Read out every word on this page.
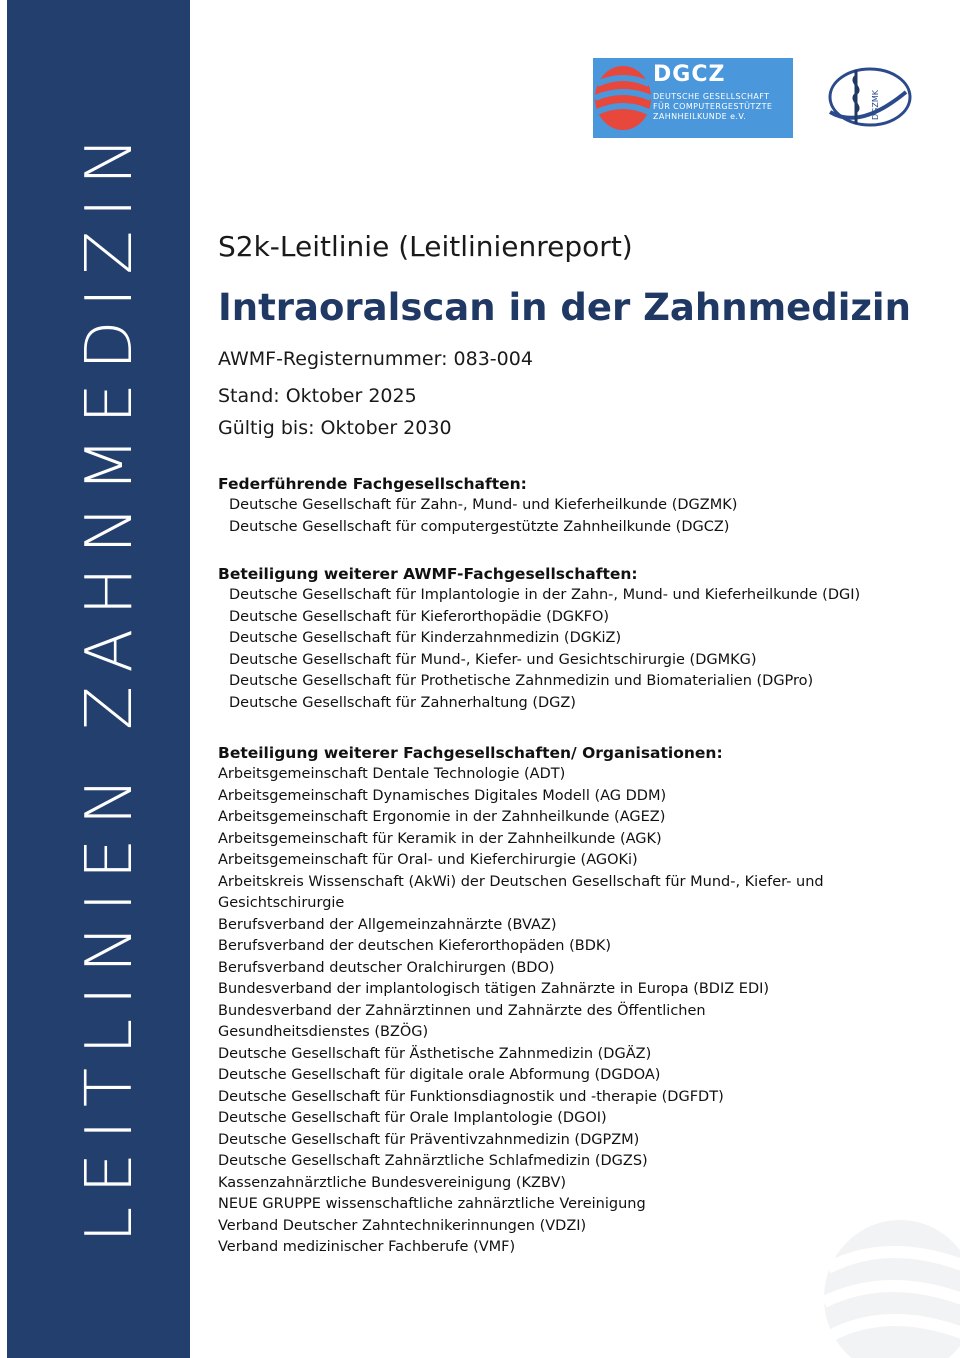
LEITLINIEN ZAHNMEDIZIN
DGCZ
DEUTSCHE GESELLSCHAFT
FÜR COMPUTERGESTÜTZTE
ZAHNHEILKUNDE e.V.	DGZMK
S2k-Leitlinie (Leitlinienreport)
Intraoralscan in der Zahnmedizin
AWMF-Registernummer: 083-004
Stand: Oktober 2025
Gültig bis: Oktober 2030
Federführende Fachgesellschaften:
Deutsche Gesellschaft für Zahn-, Mund- und Kieferheilkunde (DGZMK)
Deutsche Gesellschaft für computergestützte Zahnheilkunde (DGCZ)
Beteiligung weiterer AWMF-Fachgesellschaften:
Deutsche Gesellschaft für Implantologie in der Zahn-, Mund- und Kieferheilkunde (DGI)
Deutsche Gesellschaft für Kieferorthopädie (DGKFO)
Deutsche Gesellschaft für Kinderzahnmedizin (DGKiZ)
Deutsche Gesellschaft für Mund-, Kiefer- und Gesichtschirurgie (DGMKG)
Deutsche Gesellschaft für Prothetische Zahnmedizin und Biomaterialien (DGPro)
Deutsche Gesellschaft für Zahnerhaltung (DGZ)
Beteiligung weiterer Fachgesellschaften/ Organisationen:
Arbeitsgemeinschaft Dentale Technologie (ADT)
Arbeitsgemeinschaft Dynamisches Digitales Modell (AG DDM)
Arbeitsgemeinschaft Ergonomie in der Zahnheilkunde (AGEZ)
Arbeitsgemeinschaft für Keramik in der Zahnheilkunde (AGK)
Arbeitsgemeinschaft für Oral- und Kieferchirurgie (AGOKi)
Arbeitskreis Wissenschaft (AkWi) der Deutschen Gesellschaft für Mund-, Kiefer- und
Gesichtschirurgie
Berufsverband der Allgemeinzahnärzte (BVAZ)
Berufsverband der deutschen Kieferorthopäden (BDK)
Berufsverband deutscher Oralchirurgen (BDO)
Bundesverband der implantologisch tätigen Zahnärzte in Europa (BDIZ EDI)
Bundesverband der Zahnärztinnen und Zahnärzte des Öffentlichen
Gesundheitsdienstes (BZÖG)
Deutsche Gesellschaft für Ästhetische Zahnmedizin (DGÄZ)
Deutsche Gesellschaft für digitale orale Abformung (DGDOA)
Deutsche Gesellschaft für Funktionsdiagnostik und -therapie (DGFDT)
Deutsche Gesellschaft für Orale Implantologie (DGOI)
Deutsche Gesellschaft für Präventivzahnmedizin (DGPZM)
Deutsche Gesellschaft Zahnärztliche Schlafmedizin (DGZS)
Kassenzahnärztliche Bundesvereinigung (KZBV)
NEUE GRUPPE wissenschaftliche zahnärztliche Vereinigung
Verband Deutscher Zahntechnikerinnungen (VDZI)
Verband medizinischer Fachberufe (VMF)
